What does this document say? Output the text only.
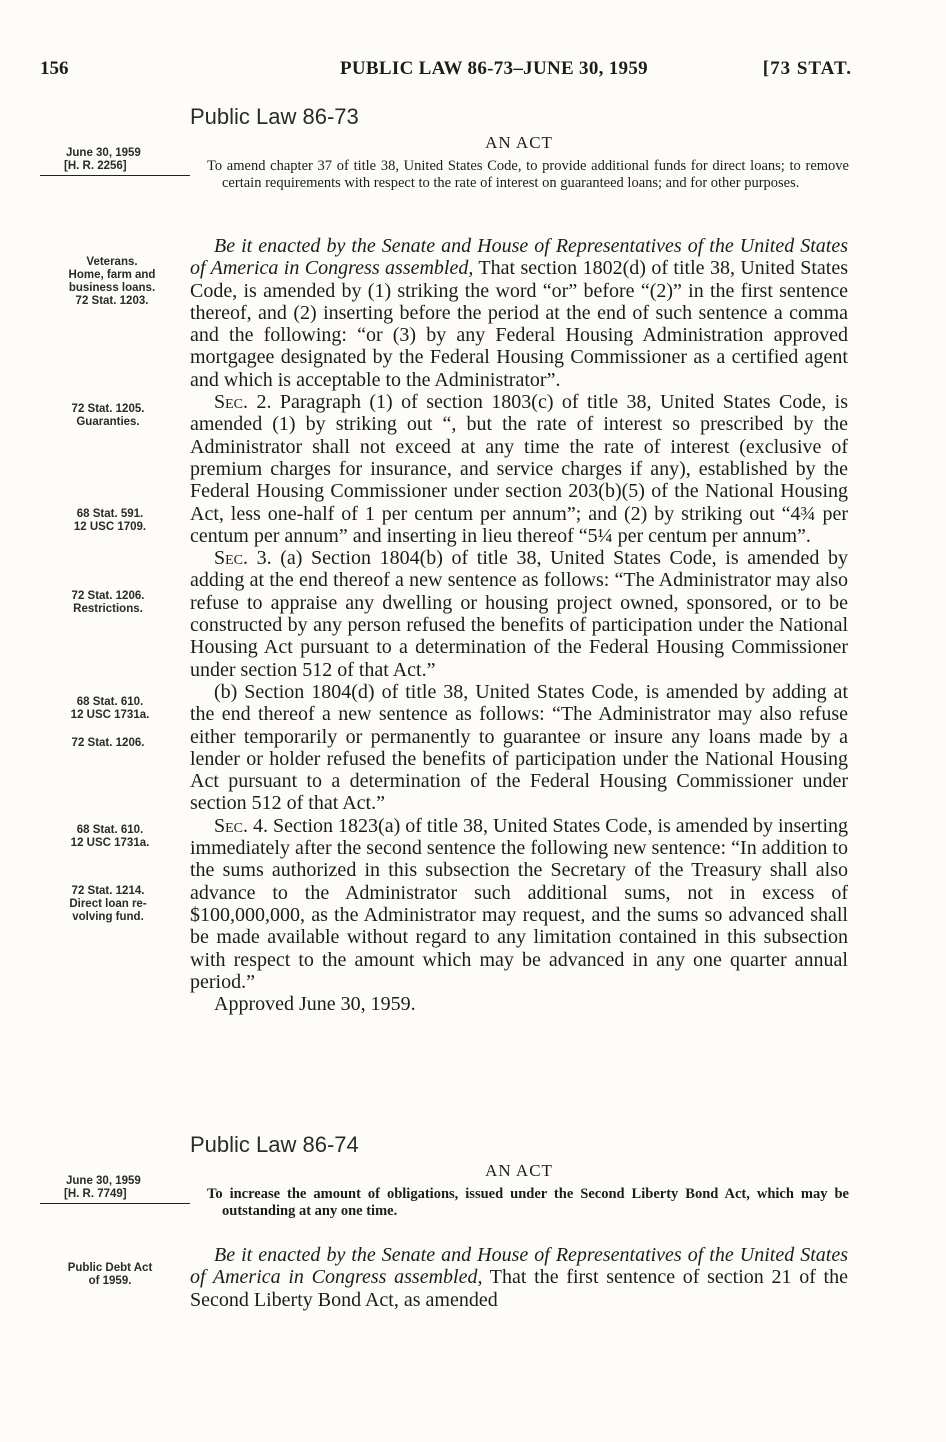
156	PUBLIC LAW 86-73–JUNE 30, 1959	[73 STAT.
Public Law 86-73
AN ACT
June 30, 1959
[H. R. 2256]	To amend chapter 37 of title 38, United States Code, to provide additional funds for direct loans; to remove certain requirements with respect to the rate of interest on guaranteed loans; and for other purposes.
Veterans.
Home, farm and
business loans.
72 Stat. 1203.
72 Stat. 1205.
Guaranties.
68 Stat. 591.
12 USC 1709.
72 Stat. 1206.
Restrictions.
68 Stat. 610.
12 USC 1731a.
72 Stat. 1206.
68 Stat. 610.
12 USC 1731a.
72 Stat. 1214.
Direct loan re-
volving fund.

Be it enacted by the Senate and House of Representatives of the United States of America in Congress assembled, That section 1802(d) of title 38, United States Code, is amended by (1) striking the word “or” before “(2)” in the first sentence thereof, and (2) inserting before the period at the end of such sentence a comma and the following: “or (3) by any Federal Housing Administration approved mortgagee designated by the Federal Housing Commissioner as a certified agent and which is acceptable to the Administrator”.

Sec. 2. Paragraph (1) of section 1803(c) of title 38, United States Code, is amended (1) by striking out “, but the rate of interest so prescribed by the Administrator shall not exceed at any time the rate of interest (exclusive of premium charges for insurance, and service charges if any), established by the Federal Housing Commissioner under section 203(b)(5) of the National Housing Act, less one-half of 1 per centum per annum”; and (2) by striking out “4¾ per centum per annum” and inserting in lieu thereof “5¼ per centum per annum”.

Sec. 3. (a) Section 1804(b) of title 38, United States Code, is amended by adding at the end thereof a new sentence as follows: “The Administrator may also refuse to appraise any dwelling or housing project owned, sponsored, or to be constructed by any person refused the benefits of participation under the National Housing Act pursuant to a determination of the Federal Housing Commissioner under section 512 of that Act.”

(b) Section 1804(d) of title 38, United States Code, is amended by adding at the end thereof a new sentence as follows: “The Administrator may also refuse either temporarily or permanently to guarantee or insure any loans made by a lender or holder refused the benefits of participation under the National Housing Act pursuant to a determination of the Federal Housing Commissioner under section 512 of that Act.”

Sec. 4. Section 1823(a) of title 38, United States Code, is amended by inserting immediately after the second sentence the following new sentence: “In addition to the sums authorized in this subsection the Secretary of the Treasury shall also advance to the Administrator such additional sums, not in excess of $100,000,000, as the Administrator may request, and the sums so advanced shall be made available without regard to any limitation contained in this subsection with respect to the amount which may be advanced in any one quarter annual period.”

Approved June 30, 1959.

Public Law 86-74
AN ACT
June 30, 1959
[H. R. 7749]	To increase the amount of obligations, issued under the Second Liberty Bond Act, which may be outstanding at any one time.
Public Debt Act
of 1959.

Be it enacted by the Senate and House of Representatives of the United States of America in Congress assembled, That the first sentence of section 21 of the Second Liberty Bond Act, as amended
